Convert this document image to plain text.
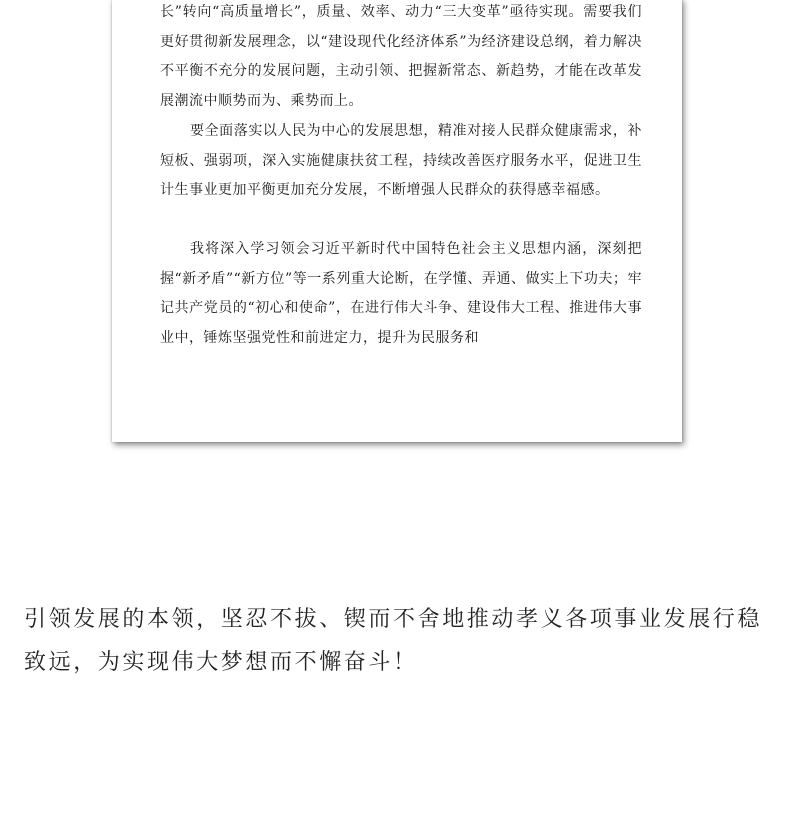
长”转向“高质量增长”，质量、效率、动力“三大变革”亟待实现。需要我们更好贯彻新发展理念，以“建设现代化经济体系”为经济建设总纲，着力解决不平衡不充分的发展问题，主动引领、把握新常态、新趋势，才能在改革发展潮流中顺势而为、乘势而上。

要全面落实以人民为中心的发展思想，精准对接人民群众健康需求，补短板、强弱项，深入实施健康扶贫工程，持续改善医疗服务水平，促进卫生计生事业更加平衡更加充分发展，不断增强人民群众的获得感幸福感。

我将深入学习领会习近平新时代中国特色社会主义思想内涵，深刻把握“新矛盾”“新方位”等一系列重大论断，在学懂、弄通、做实上下功夫；牢记共产党员的“初心和使命”，在进行伟大斗争、建设伟大工程、推进伟大事业中，锤炼坚强党性和前进定力，提升为民服务和

引领发展的本领，坚忍不拔、锲而不舍地推动孝义各项事业发展行稳致远，为实现伟大梦想而不懈奋斗！
